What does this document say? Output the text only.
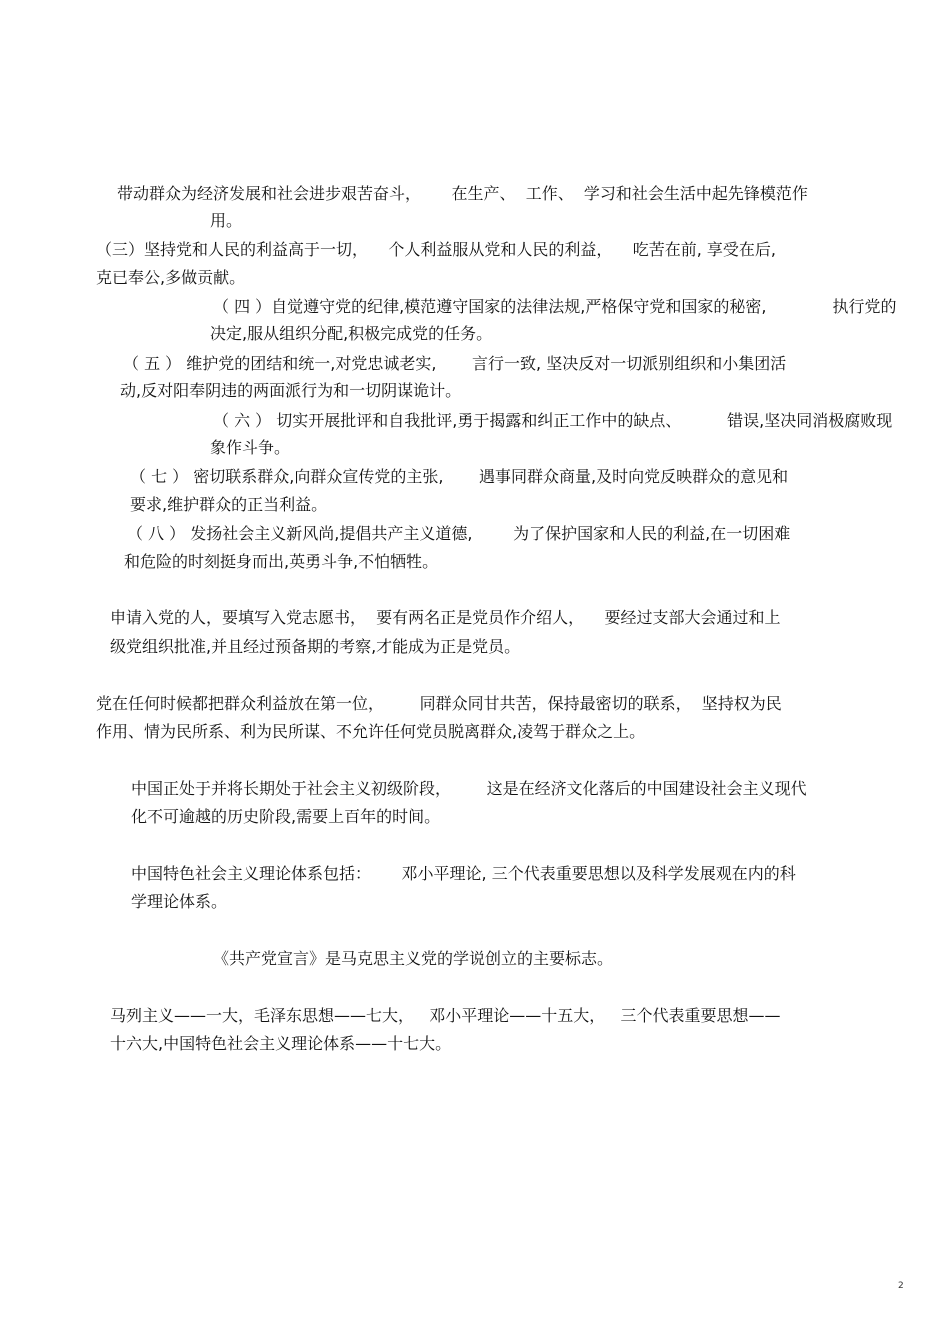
带动群众为经济发展和社会进步艰苦奋斗，      在生产、  工作、  学习和社会生活中起先锋模范作
用。
（三）坚持党和人民的利益高于一切，    个人利益服从党和人民的利益，    吃苦在前, 享受在后,
克已奉公,多做贡献。
（ 四 ）自觉遵守党的纪律,模范遵守国家的法律法规,严格保守党和国家的秘密,             执行党的
决定,服从组织分配,积极完成党的任务。
（ 五 ） 维护党的团结和统一,对党忠诚老实,       言行一致, 坚决反对一切派别组织和小集团活
动,反对阳奉阴违的两面派行为和一切阴谋诡计。
（ 六 ） 切实开展批评和自我批评,勇于揭露和纠正工作中的缺点、         错误,坚决同消极腐败现
象作斗争。
（ 七 ） 密切联系群众,向群众宣传党的主张,       遇事同群众商量,及时向党反映群众的意见和
要求,维护群众的正当利益。
（ 八 ） 发扬社会主义新风尚,提倡共产主义道德,        为了保护国家和人民的利益,在一切困难
和危险的时刻挺身而出,英勇斗争,不怕牺牲。
申请入党的人，要填写入党志愿书，  要有两名正是党员作介绍人，    要经过支部大会通过和上
级党组织批准,并且经过预备期的考察,才能成为正是党员。
党在任何时候都把群众利益放在第一位，       同群众同甘共苦，保持最密切的联系，  坚持权为民
作用、情为民所系、利为民所谋、不允许任何党员脱离群众,凌驾于群众之上。
中国正处于并将长期处于社会主义初级阶段，       这是在经济文化落后的中国建设社会主义现代
化不可逾越的历史阶段,需要上百年的时间。
中国特色社会主义理论体系包括：      邓小平理论, 三个代表重要思想以及科学发展观在内的科
学理论体系。
《共产党宣言》是马克思主义党的学说创立的主要标志。
马列主义——一大，毛泽东思想——七大，   邓小平理论——十五大，   三个代表重要思想——
十六大,中国特色社会主义理论体系——十七大。
2
